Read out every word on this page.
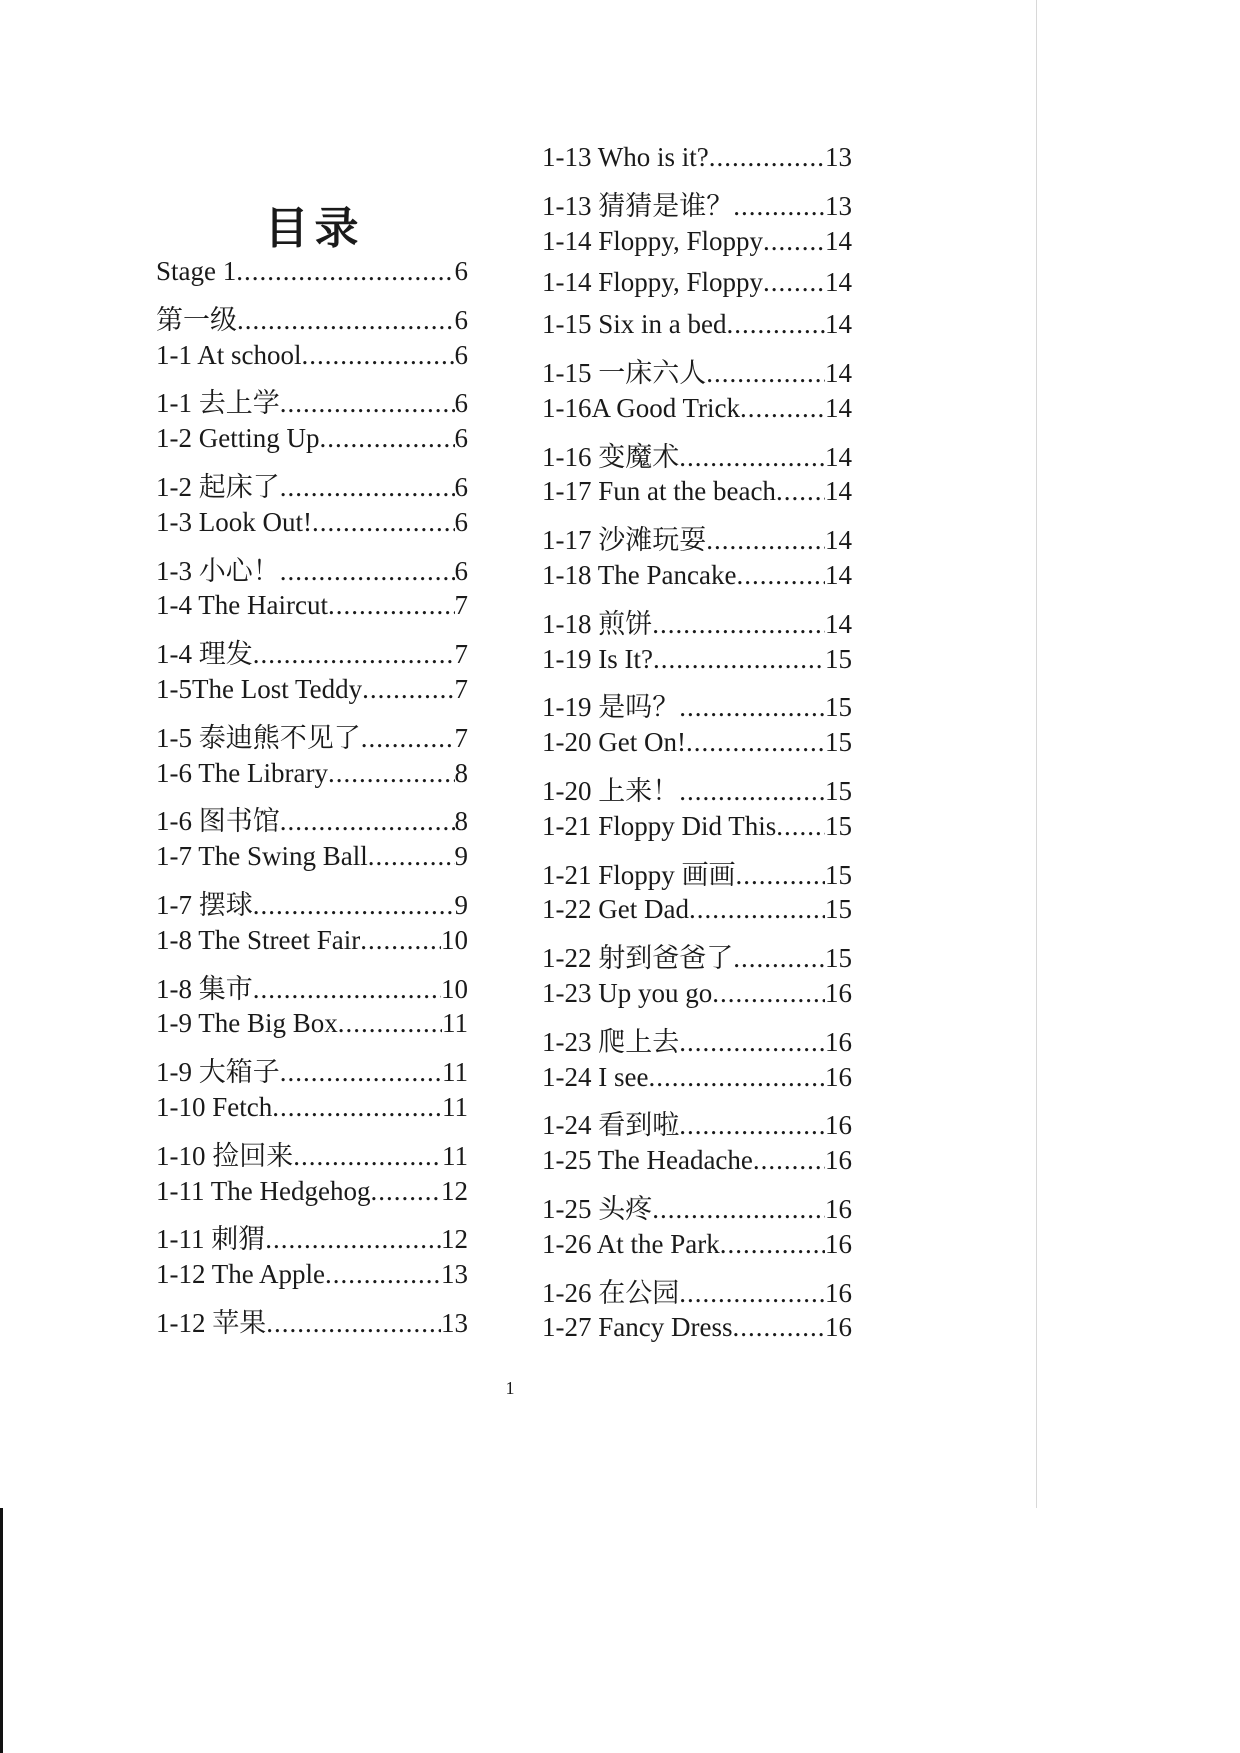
目录
Stage 1 .....	6
第一级 .....	6
1-1 At school .....	6
1-1 去上学 .....	6
1-2 Getting Up .....	6
1-2 起床了 .....	6
1-3 Look Out! .....	6
1-3 小心！ .....	6
1-4 The Haircut .....	7
1-4 理发 .....	7
1-5The Lost Teddy .....	7
1-5 泰迪熊不见了 .....	7
1-6 The Library .....	8
1-6 图书馆 .....	8
1-7 The Swing Ball .....	9
1-7 摆球 .....	9
1-8 The Street Fair .....	10
1-8 集市 .....	10
1-9 The Big Box .....	11
1-9 大箱子 .....	11
1-10 Fetch .....	11
1-10 捡回来 .....	11
1-11 The Hedgehog .....	12
1-11 刺猬 .....	12
1-12 The Apple .....	13
1-12 苹果 .....	13
1-13 Who is it? .....	13
1-13 猜猜是谁？ .....	13
1-14 Floppy, Floppy ..... 14
1-14 Floppy, Floppy ..... 14
1-15 Six in a bed .....	14
1-15 一床六人 .....	14
1-16A Good Trick .....	14
1-16 变魔术 .....	14
1-17 Fun at the beach ..... 14
1-17 沙滩玩耍 .....	14
1-18 The Pancake .....	14
1-18 煎饼 .....	14
1-19 Is It? .....	15
1-19 是吗？ .....	15
1-20 Get On! .....	15
1-20 上来！ .....	15
1-21 Floppy Did This ..... 15
1-21 Floppy 画画 .....	15
1-22 Get Dad .....	15
1-22 射到爸爸了 .....	15
1-23 Up you go .....	16
1-23 爬上去 .....	16
1-24 I see .....	16
1-24 看到啦 .....	16
1-25 The Headache .....	16
1-25 头疼 .....	16
1-26 At the Park .....	16
1-26 在公园 .....	16
1-27 Fancy Dress .....	16
1
